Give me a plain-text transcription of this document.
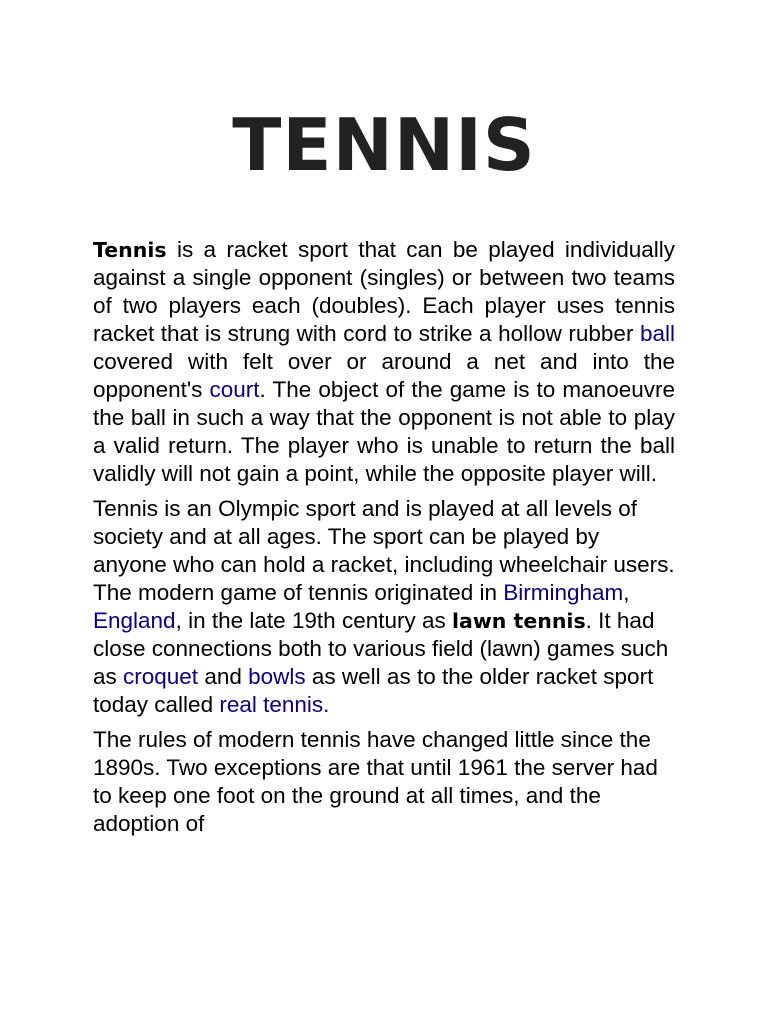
TENNIS

Tennis is a racket sport that can be played individually against a single opponent (singles) or between two teams of two players each (doubles). Each player uses tennis racket that is strung with cord to strike a hollow rubber ball covered with felt over or around a net and into the opponent's court. The object of the game is to manoeuvre the ball in such a way that the opponent is not able to play a valid return. The player who is unable to return the ball validly will not gain a point, while the opposite player will.

Tennis is an Olympic sport and is played at all levels of society and at all ages. The sport can be played by anyone who can hold a racket, including wheelchair users. The modern game of tennis originated in Birmingham, England, in the late 19th century as lawn tennis. It had close connections both to various field (lawn) games such as croquet and bowls as well as to the older racket sport today called real tennis.

The rules of modern tennis have changed little since the 1890s. Two exceptions are that until 1961 the server had to keep one foot on the ground at all times, and the adoption of
